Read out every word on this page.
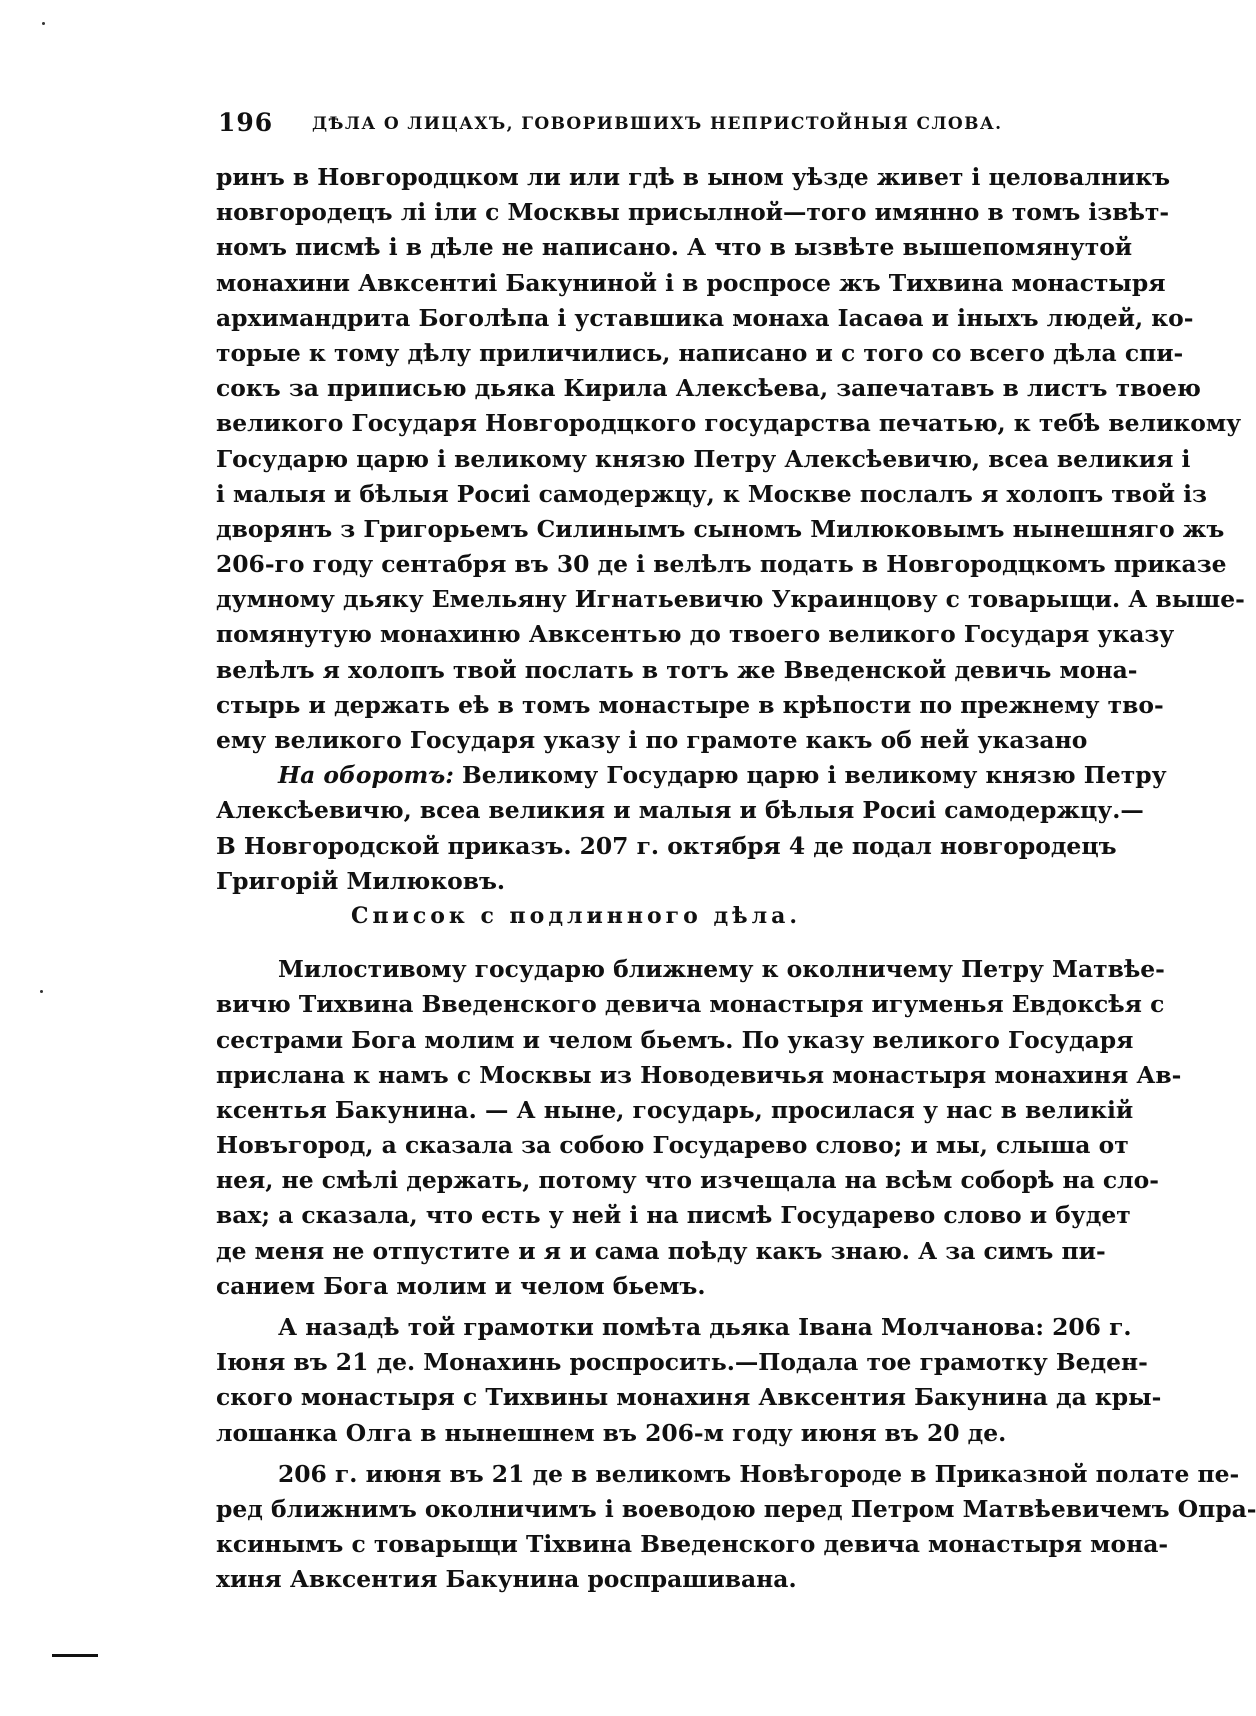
196 ДѢЛА О ЛИЦАХЪ, ГОВОРИВШИХЪ НЕПРИСТОЙНЫЯ СЛОВА.
ринъ в Новгородцком ли или гдѣ в ыном уѣзде живет і целовалникъ
новгородецъ лі іли с Москвы присылной—того имянно в томъ ізвѣт-
номъ писмѣ і в дѣле не написано. А что в ызвѣте вышепомянутой
монахини Авксентиі Бакуниной і в роспросе жъ Тихвина монастыря
архимандрита Боголѣпа і уставшика монаха Іасаѳа и іныхъ людей, ко-
торые к тому дѣлу приличились, написано и с того со всего дѣла спи-
сокъ за приписью дьяка Кирила Алексѣева, запечатавъ в листъ твоею
великого Государя Новгородцкого государства печатью, к тебѣ великому
Государю царю і великому князю Петру Алексѣевичю, всеа великия і
і малыя и бѣлыя Росиі самодержцу, к Москве послалъ я холопъ твой із
дворянъ з Григорьемъ Силинымъ сыномъ Милюковымъ нынешняго жъ
206-го году сентабря въ 30 де і велѣлъ подать в Новгородцкомъ приказе
думному дьяку Емельяну Игнатьевичю Украинцову с товарыщи. А выше-
помянутую монахиню Авксентью до твоего великого Государя указу
велѣлъ я холопъ твой послать в тотъ же Введенской девичь мона-
стырь и держать еѣ в томъ монастыре в крѣпости по прежнему тво-
ему великого Государя указу і по грамоте какъ об ней указано
На оборотъ: Великому Государю царю і великому князю Петру
Алексѣевичю, всеа великия и малыя и бѣлыя Росиі самодержцу.—
В Новгородской приказъ. 207 г. октября 4 де подал новгородецъ
Григорій Милюковъ.
Список с подлинного дѣла.
Милостивому государю ближнему к околничему Петру Матвѣе-
вичю Тихвина Введенского девича монастыря игуменья Евдоксѣя с
сестрами Бога молим и челом бьемъ. По указу великого Государя
прислана к намъ с Москвы из Новодевичья монастыря монахиня Ав-
ксентья Бакунина. — А ныне, государь, просилася у нас в великій
Новъгород, а сказала за собою Государево слово; и мы, слыша от
нея, не смѣлі держать, потому что изчещала на всѣм соборѣ на сло-
вах; а сказала, что есть у ней і на писмѣ Государево слово и будет
де меня не отпустите и я и сама поѣду какъ знаю. А за симъ пи-
санием Бога молим и челом бьемъ.
А назадѣ той грамотки помѣта дьяка Івана Молчанова: 206 г.
Іюня въ 21 де. Монахинь роспросить.—Подала тое грамотку Веден-
ского монастыря с Тихвины монахиня Авксентия Бакунина да кры-
лошанка Олга в нынешнем въ 206-м году июня въ 20 де.
206 г. июня въ 21 де в великомъ Новѣгороде в Приказной полате пе-
ред ближнимъ околничимъ і воеводою перед Петром Матвѣевичемъ Опра-
ксинымъ с товарыщи Тіхвина Введенского девича монастыря мона-
хиня Авксентия Бакунина роспрашивана.
